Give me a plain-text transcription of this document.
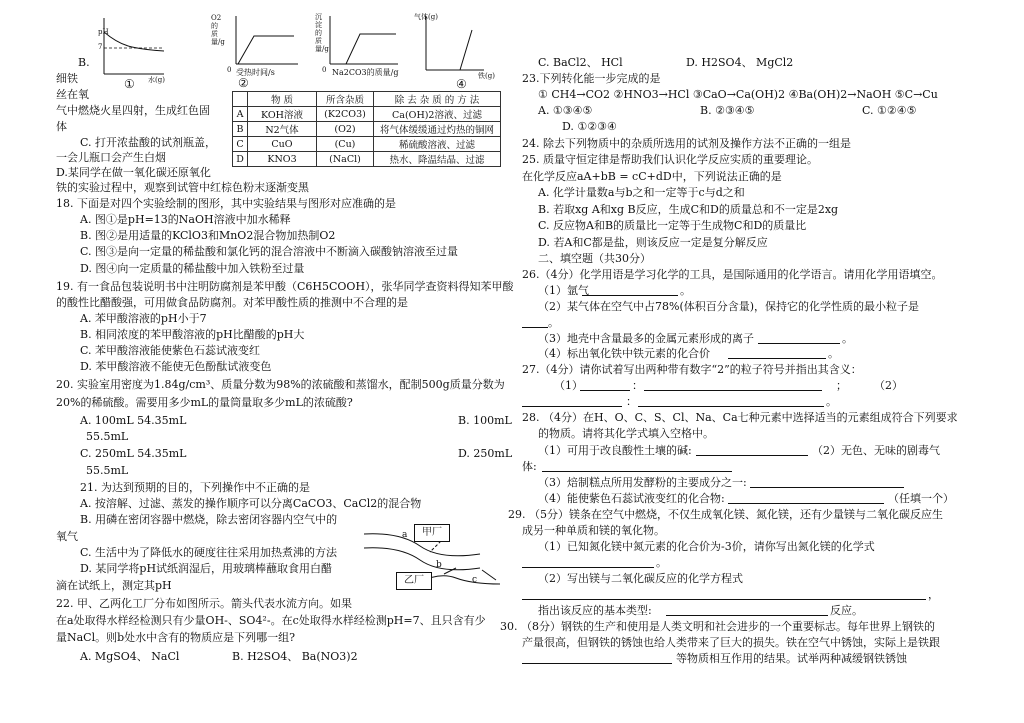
pH
7
水(g)
①
O2的质量/g
0 受热时间/s
②
沉淀的质量/g
0 Na2CO3的质量/g
气体(g)
铁(g)
④
	物 质	所含杂质	除 去 杂 质 的 方 法
A	KOH溶液	(K2CO3)	Ca(OH)2溶液、过滤
B	N2气体	(O2)	将气体缓缓通过灼热的铜网
C	CuO	(Cu)	稀硫酸溶液、过滤
D	KNO3	(NaCl)	热水、降温结晶、过滤
B.
细铁
丝在氧
气中燃烧火星四射，生成红色固
体
C. 打开浓盐酸的试剂瓶盖，
一会儿瓶口会产生白烟
D.某同学在做一氧化碳还原氧化
铁的实验过程中，观察到试管中红棕色粉末逐渐变黑
18. 下面是对四个实验绘制的图形，其中实验结果与图形对应准确的是
A. 图①是pH=13的NaOH溶液中加水稀释
B. 图②是用适量的KClO3和MnO2混合物加热制O2
C. 图③是向一定量的稀盐酸和氯化钙的混合溶液中不断滴入碳酸钠溶液至过量
D. 图④向一定质量的稀盐酸中加入铁粉至过量
19. 有一食品包装说明书中注明防腐剂是苯甲酸（C6H5COOH），张华同学查资料得知苯甲酸
的酸性比醋酸强，可用做食品防腐剂。对苯甲酸性质的推测中不合理的是
A. 苯甲酸溶液的pH小于7
B. 相同浓度的苯甲酸溶液的pH比醋酸的pH大
C. 苯甲酸溶液能使紫色石蕊试液变红
D. 苯甲酸溶液不能使无色酚酞试液变色
20. 实验室用密度为1.84g/cm³、质量分数为98%的浓硫酸和蒸馏水，配制500g质量分数为
20%的稀硫酸。需要用多少mL的量筒量取多少mL的浓硫酸?
A. 100mL 54.35mL	B. 100mL
55.5mL
C. 250mL 54.35mL	D. 250mL
55.5mL
21. 为达到预期的目的，下列操作中不正确的是
A. 按溶解、过滤、蒸发的操作顺序可以分离CaCO3、CaCl2的混合物
B. 用磷在密闭容器中燃烧，除去密闭容器内空气中的
氧气
C. 生活中为了降低水的硬度往往采用加热煮沸的方法
D. 某同学将pH试纸润湿后，用玻璃棒蘸取食用白醋
滴在试纸上，测定其pH
22. 甲、乙两化工厂分布如图所示。箭头代表水流方向。如果
在a处取得水样经检测只有少量OH-、SO4²-。在c处取得水样经检测pH=7、且只含有少
量NaCl。则b处水中含有的物质应是下列哪一组?
A. MgSO4、 NaCl	B. H2SO4、 Ba(NO3)2
甲厂
乙厂
a
b
c
C. BaCl2、 HCl	D. H2SO4、 MgCl2
23.下列转化能一步完成的是
① CH4→CO2 ②HNO3→HCl ③CaO→Ca(OH)2 ④Ba(OH)2→NaOH ⑤C→Cu
A. ①③④⑤	B. ②③④⑤	C. ①②④⑤
D. ①②③④
24. 除去下列物质中的杂质所选用的试剂及操作方法不正确的一组是
25. 质量守恒定律是帮助我们认识化学反应实质的重要理论。
在化学反应aA+bB = cC+dD中，下列说法正确的是
A. 化学计量数a与b之和一定等于c与d之和
B. 若取xg A和xg B反应，生成C和D的质量总和不一定是2xg
C. 反应物A和B的质量比一定等于生成物C和D的质量比
D. 若A和C都是盐，则该反应一定是复分解反应
二、填空题（共30分）
26.（4分）化学用语是学习化学的工具，是国际通用的化学语言。请用化学用语填空。
（1）氩气	。
（2）某气体在空气中占78%(体积百分含量)，保持它的化学性质的最小粒子是
。
（3）地壳中含量最多的金属元素形成的离子	。
（4）标出氧化铁中铁元素的化合价	。
27.（4分）请你试着写出两种带有数字“2”的粒子符号并指出其含义：
（1）	：	； （2）
：	。
28. （4分）在H、O、C、S、Cl、Na、Ca七种元素中选择适当的元素组成符合下列要求
的物质。请将其化学式填入空格中。
（1）可用于改良酸性土壤的碱:	（2）无色、无味的剧毒气
体:
（3）焙制糕点所用发酵粉的主要成分之一:
（4）能使紫色石蕊试液变红的化合物:	（任填一个）
29. （5分）镁条在空气中燃烧，不仅生成氧化镁、氮化镁，还有少量镁与二氧化碳反应生
成另一种单质和镁的氧化物。
（1）已知氮化镁中氮元素的化合价为-3价，请你写出氮化镁的化学式
。
（2）写出镁与二氧化碳反应的化学方程式
，
指出该反应的基本类型:	反应。
30. （8分）钢铁的生产和使用是人类文明和社会进步的一个重要标志。每年世界上钢铁的
产量很高，但钢铁的锈蚀也给人类带来了巨大的损失。铁在空气中锈蚀，实际上是铁跟
等物质相互作用的结果。试举两种减缓钢铁锈蚀
